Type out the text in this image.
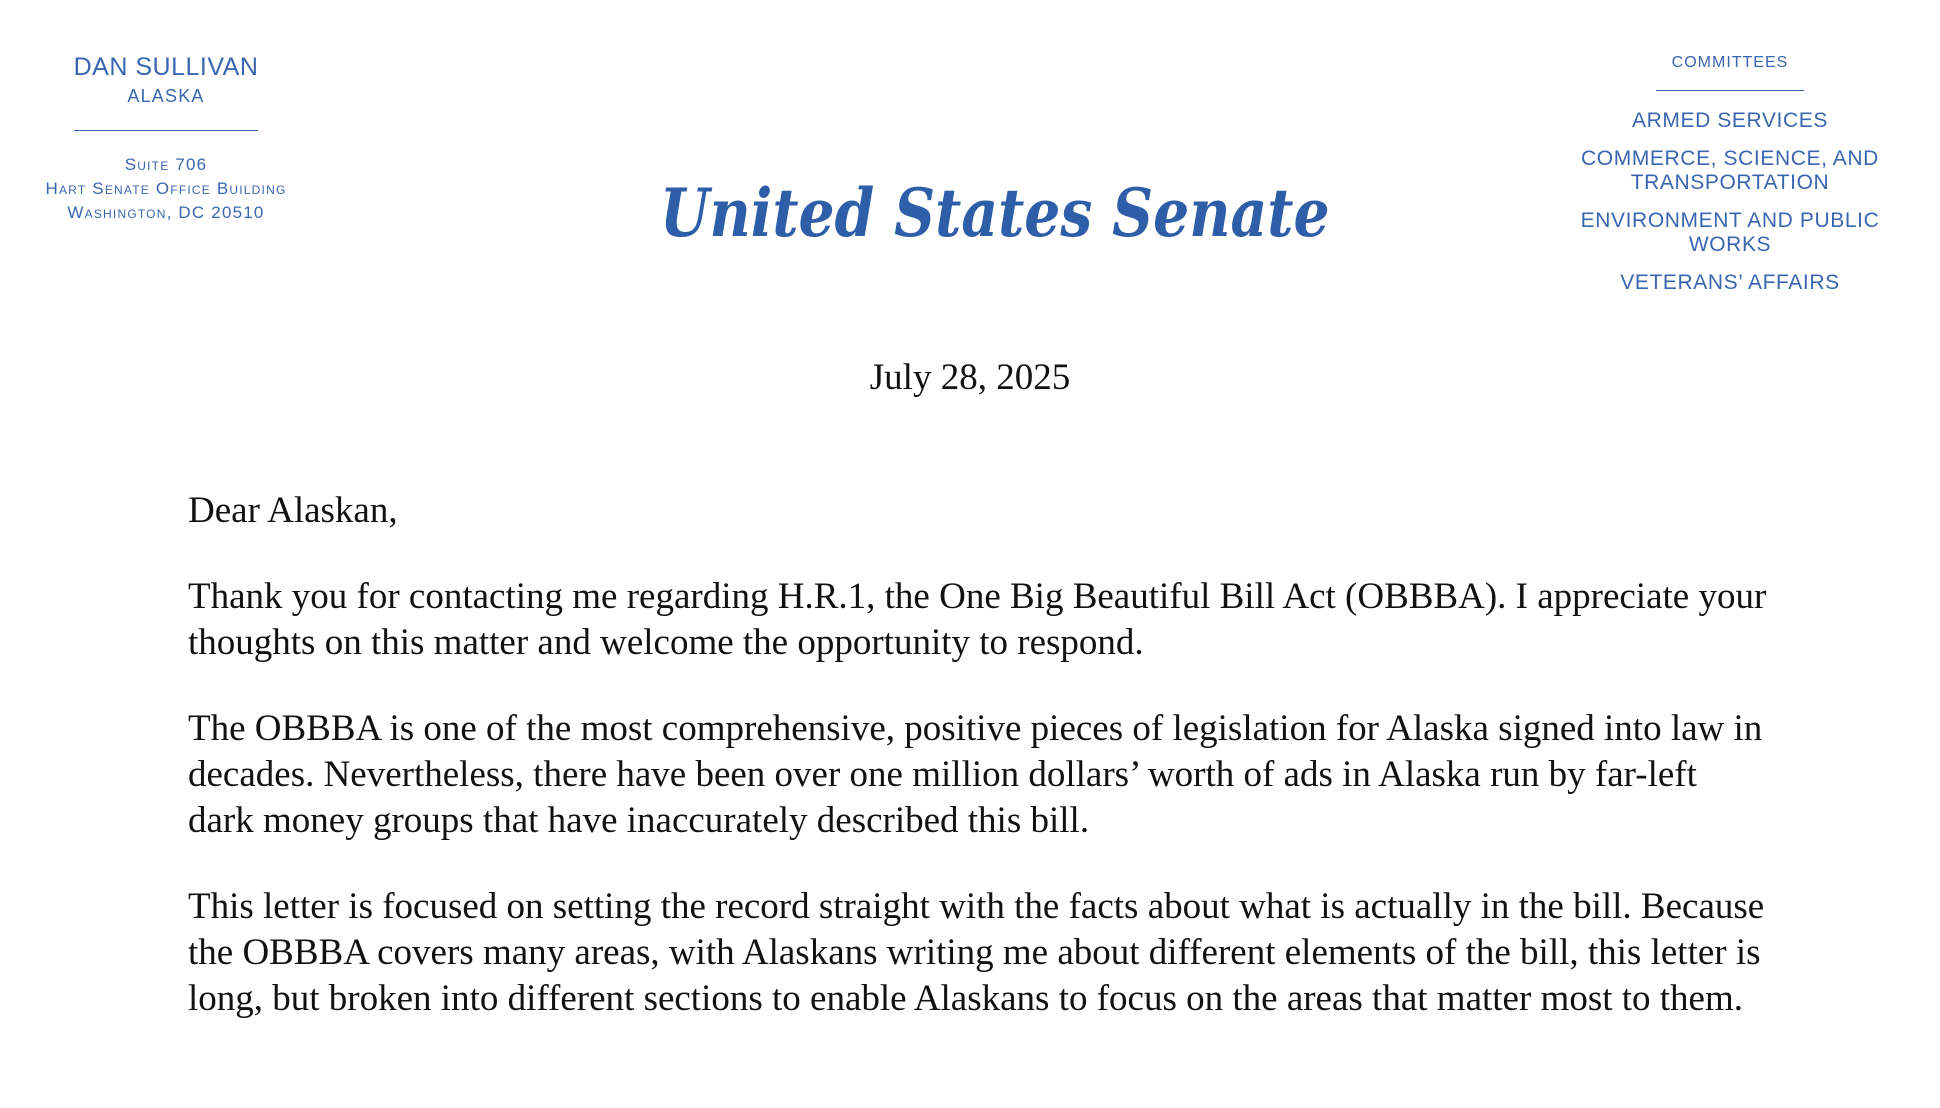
DAN SULLIVAN
ALASKA
Suite 706
Hart Senate Office Building
Washington, DC 20510	United States Senate
COMMITTEES
ARMED SERVICES
COMMERCE, SCIENCE, AND TRANSPORTATION
ENVIRONMENT AND PUBLIC WORKS
VETERANS’ AFFAIRS
July 28, 2025

Dear Alaskan,

Thank you for contacting me regarding H.R.1, the One Big Beautiful Bill Act (OBBBA). I appreciate your thoughts on this matter and welcome the opportunity to respond.

The OBBBA is one of the most comprehensive, positive pieces of legislation for Alaska signed into law in decades. Nevertheless, there have been over one million dollars’ worth of ads in Alaska run by far-left dark money groups that have inaccurately described this bill.

This letter is focused on setting the record straight with the facts about what is actually in the bill. Because the OBBBA covers many areas, with Alaskans writing me about different elements of the bill, this letter is long, but broken into different sections to enable Alaskans to focus on the areas that matter most to them.
